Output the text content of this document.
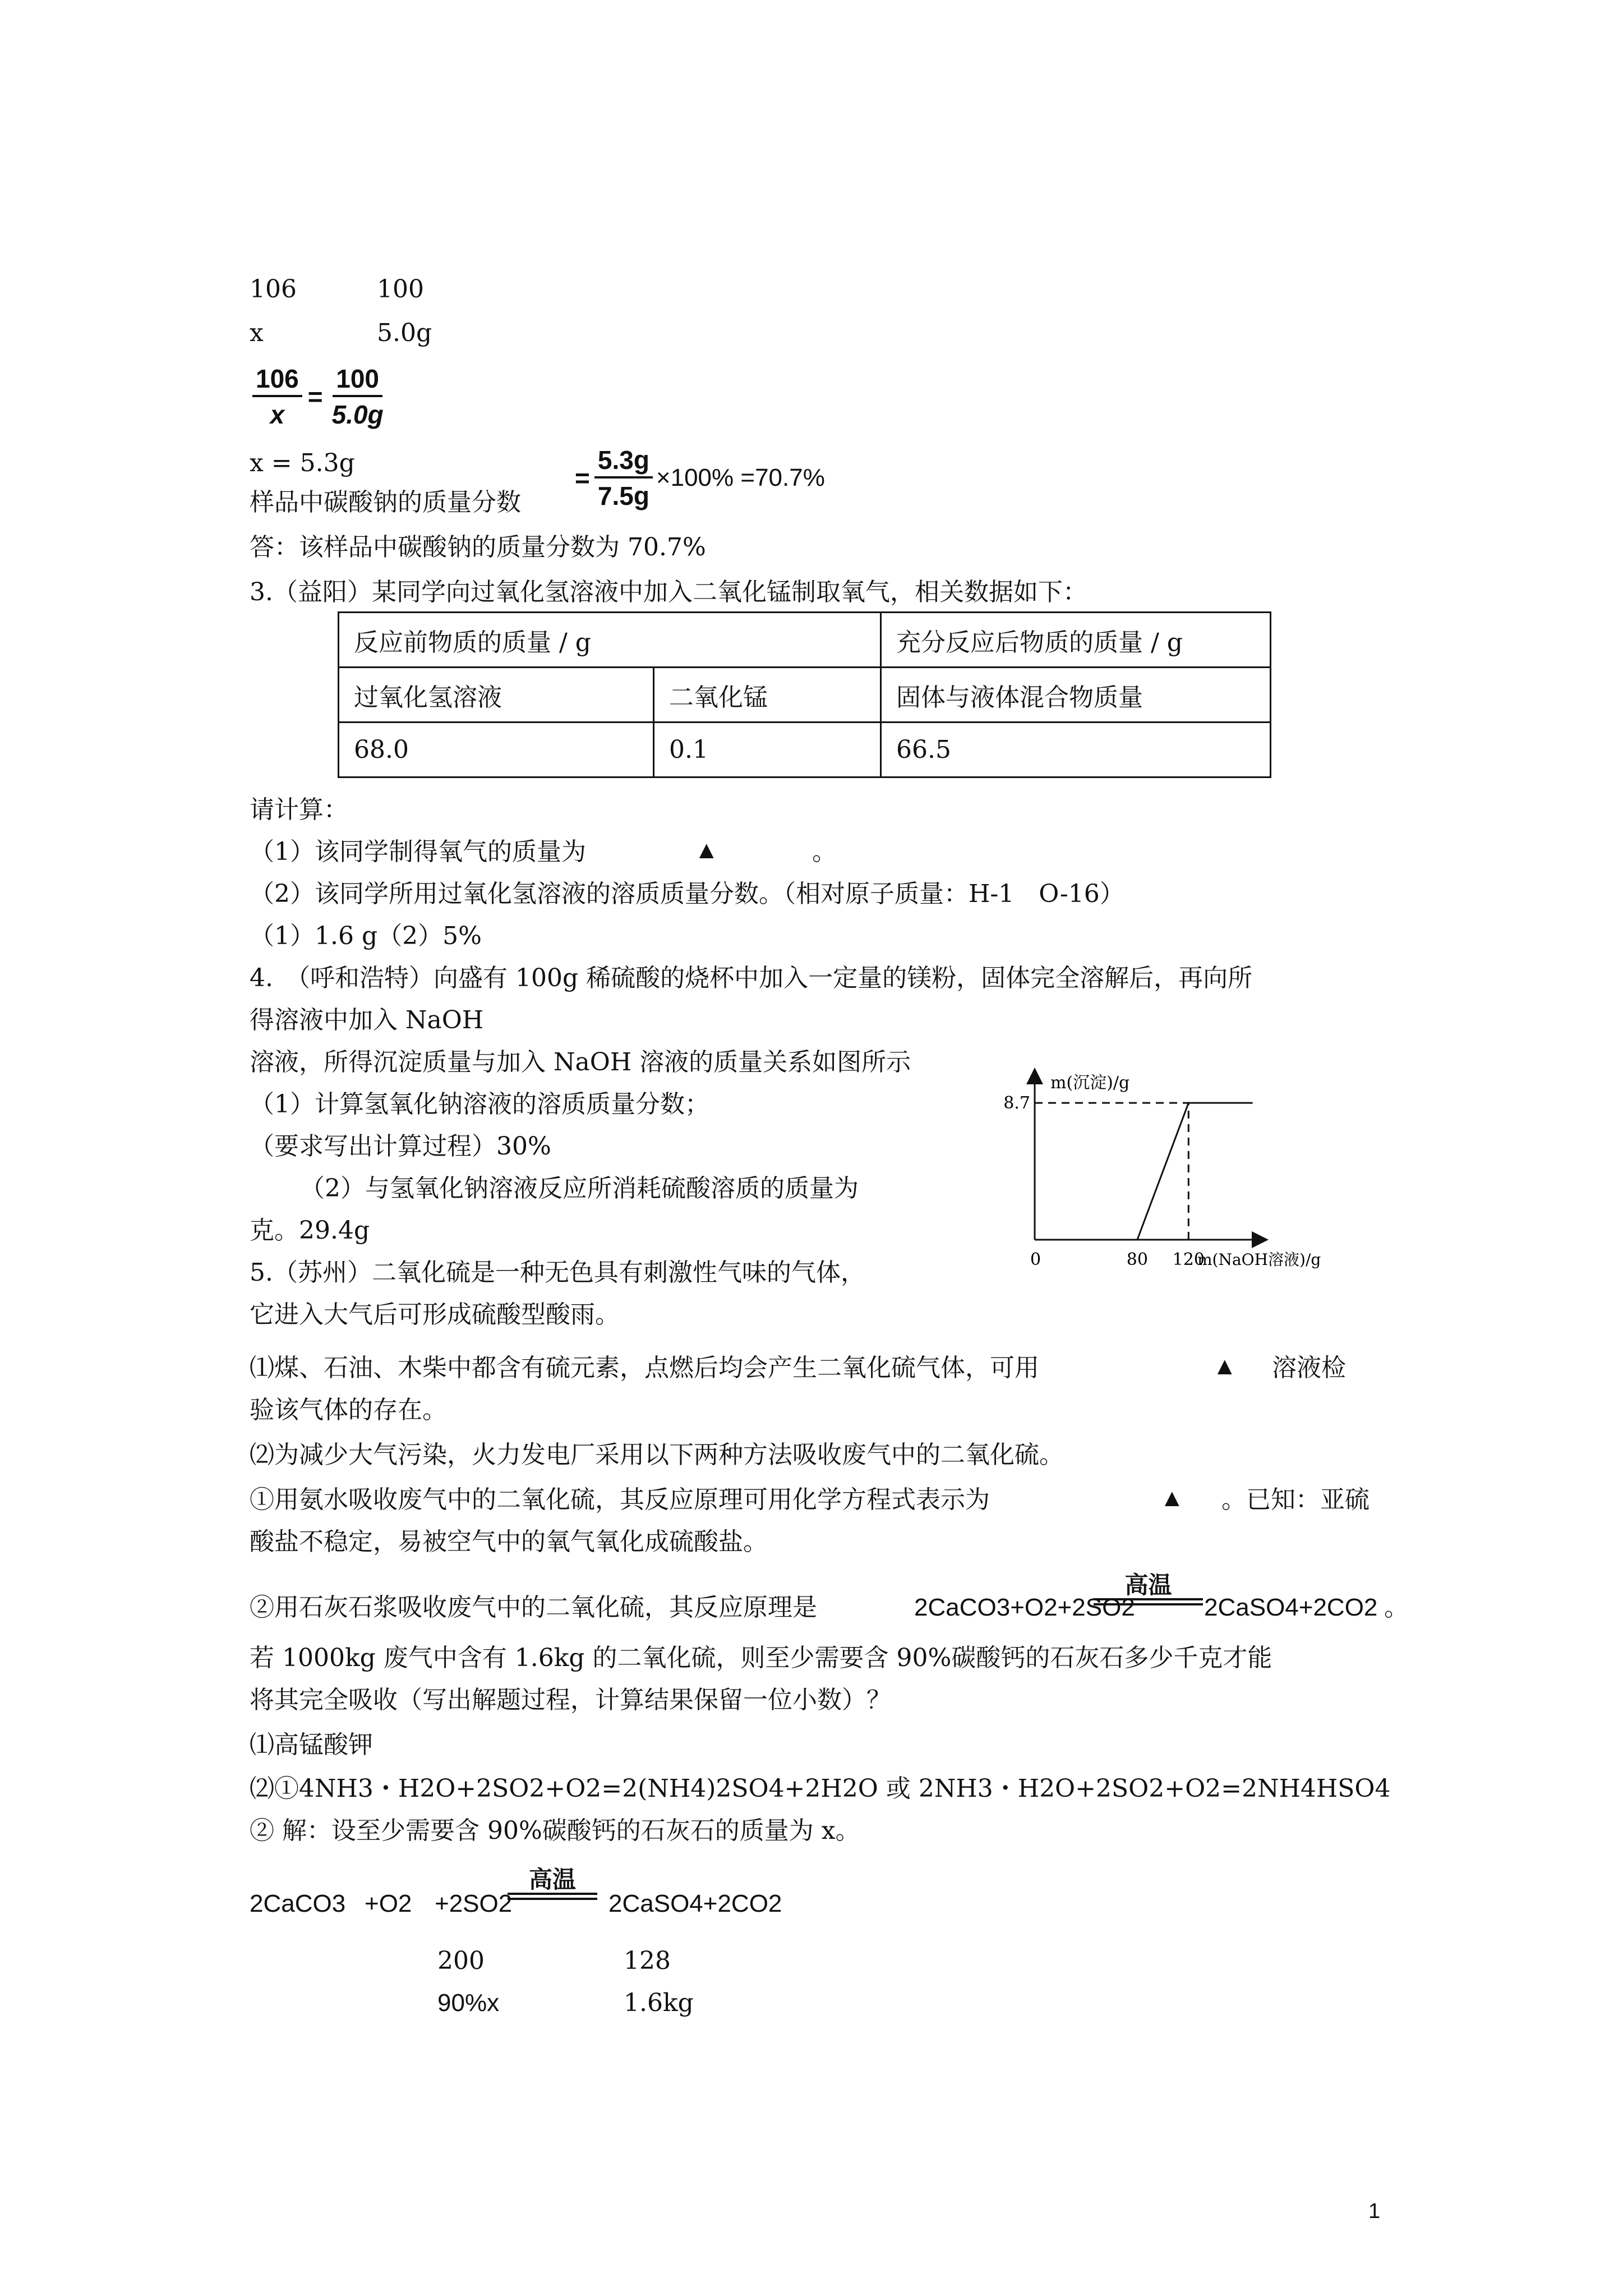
106	100
x	5.0g
$\frac{106}{x} = \frac{100}{5.0g}$
x = 5.3g
样品中碳酸钠的质量分数
= $\frac{5.3g}{7.5g} \times 100\% =70.7\%$
答：该样品中碳酸钠的质量分数为 70.7%
3.（益阳）某同学向过氧化氢溶液中加入二氧化锰制取氧气，相关数据如下：
反应前物质的质量 / g		充分反应后物质的质量 / g
过氧化氢溶液	二氧化锰	固体与液体混合物质量
68.0	0.1	66.5
请计算：
（1）该同学制得氧气的质量为	▲	。
（2）该同学所用过氧化氢溶液的溶质质量分数。（相对原子质量：H-1　O-16）
（1）1.6 g（2）5%
4.　（呼和浩特）向盛有 100g 稀硫酸的烧杯中加入一定量的镁粉，固体完全溶解后，再向所
得溶液中加入 NaOH
溶液，所得沉淀质量与加入 NaOH 溶液的质量关系如图所示
（1）计算氢氧化钠溶液的溶质质量分数；
（要求写出计算过程）30%
（2）与氢氧化钠溶液反应所消耗硫酸溶质的质量为
克。29.4g
m(沉淀)/g
m(NaOH溶液)/g
0	80 120
8.7
5.（苏州）二氧化硫是一种无色具有刺激性气味的气体，
它进入大气后可形成硫酸型酸雨。
⑴煤、石油、木柴中都含有硫元素，点燃后均会产生二氧化硫气体，可用	▲ 溶液检
验该气体的存在。
⑵为减少大气污染，火力发电厂采用以下两种方法吸收废气中的二氧化硫。
①用氨水吸收废气中的二氧化硫，其反应原理可用化学方程式表示为	▲ 。已知：亚硫
酸盐不稳定，易被空气中的氧气氧化成硫酸盐。
②用石灰石浆吸收废气中的二氧化硫，其反应原理是	2CaCO3+O2+2SO2
高温
2CaSO4+2CO2 。
若 1000kg 废气中含有 1.6kg 的二氧化硫，则至少需要含 90%碳酸钙的石灰石多少千克才能
将其完全吸收（写出解题过程，计算结果保留一位小数）？
⑴高锰酸钾
⑵①4NH3・H2O+2SO2+O2=2(NH4)2SO4+2H2O 或 2NH3・H2O+2SO2+O2=2NH4HSO4
② 解：设至少需要含 90%碳酸钙的石灰石的质量为 x。
2CaCO3 +O2 +2SO2
高温
2CaSO4+2CO2
200	128
90%x	1.6kg
1
